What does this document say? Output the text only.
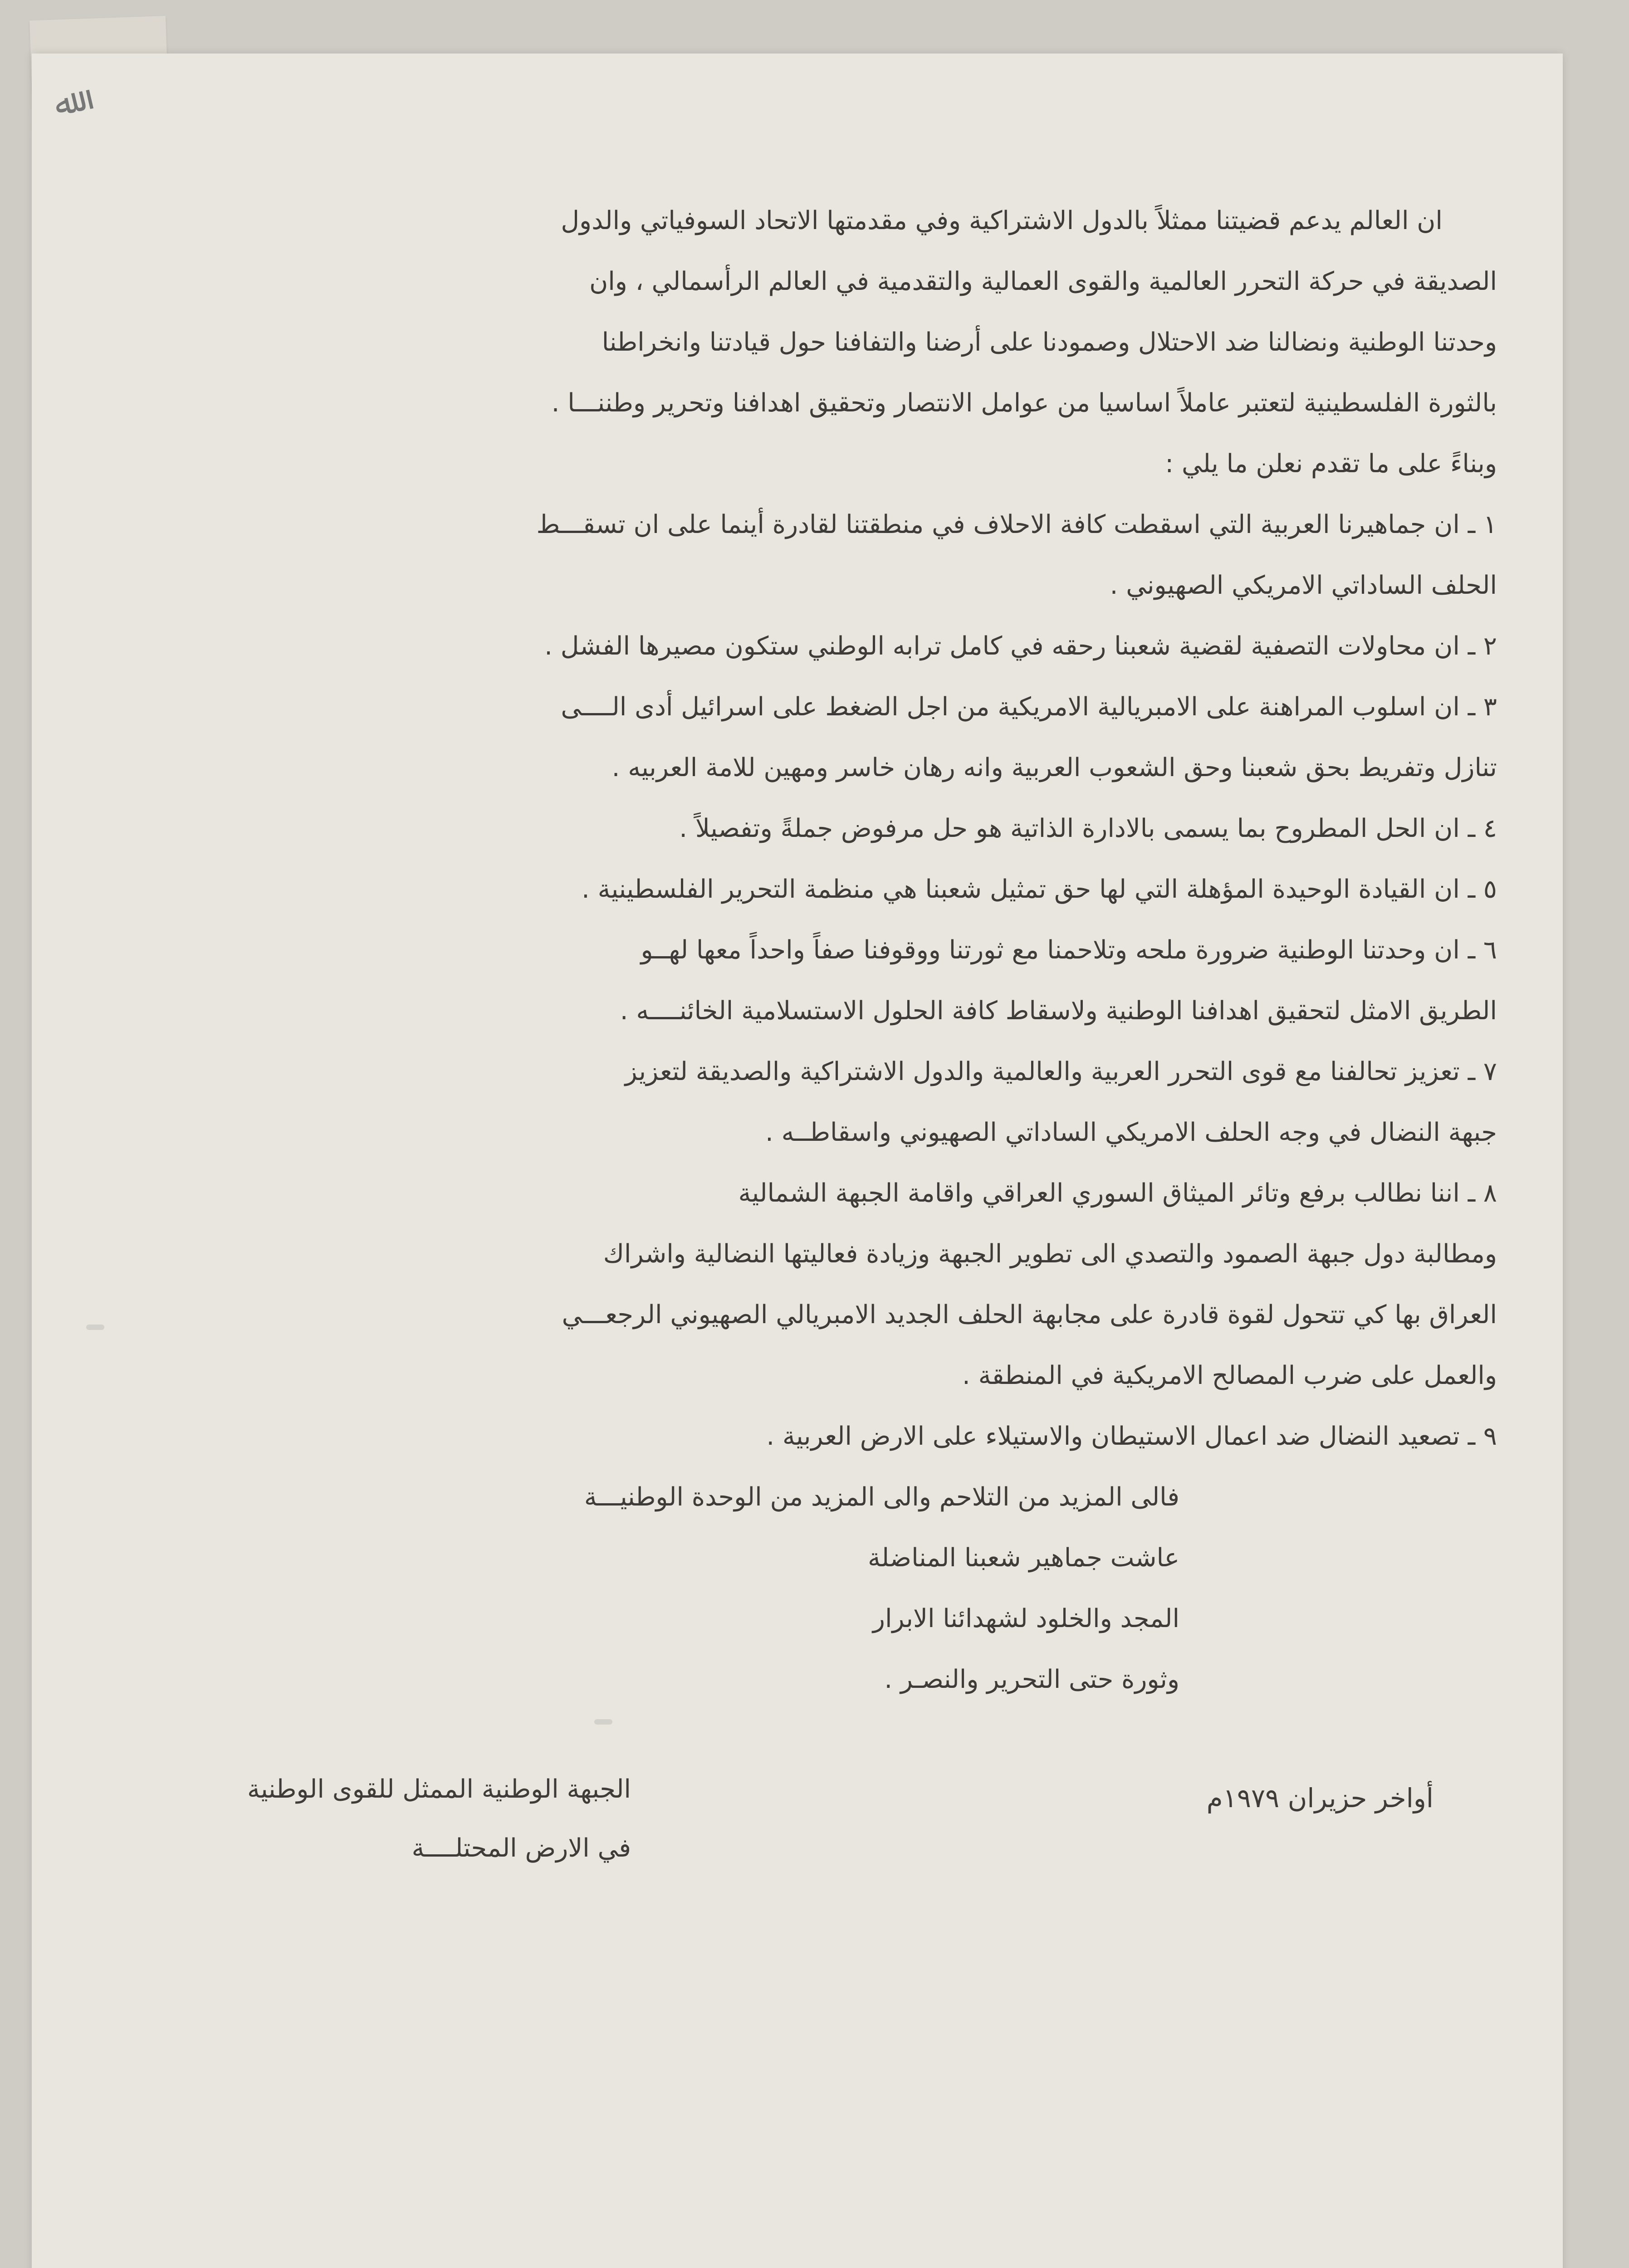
ﷲ
ان العالم يدعم قضيتنا ممثلاً بالدول الاشتراكية وفي مقدمتها الاتحاد السوفياتي والدول
الصديقة في حركة التحرر العالمية والقوى العمالية والتقدمية في العالم الرأسمالي ، وان
وحدتنا الوطنية ونضالنا ضد الاحتلال وصمودنا على أرضنا والتفافنا حول قيادتنا وانخراطنا
بالثورة الفلسطينية لتعتبر عاملاً اساسيا من عوامل الانتصار وتحقيق اهدافنا وتحرير وطننـــا .
وبناءً على ما تقدم نعلن ما يلي :
١ ـ ان جماهيرنا العربية التي اسقطت كافة الاحلاف في منطقتنا لقادرة أينما على ان تسقـــط
الحلف الساداتي الامريكي الصهيوني .
٢ ـ ان محاولات التصفية لقضية شعبنا رحقه في كامل ترابه الوطني ستكون مصيرها الفشل .
٣ ـ ان اسلوب المراهنة على الامبريالية الامريكية من اجل الضغط على اسرائيل أدى الــــى
تنازل وتفريط بحق شعبنا وحق الشعوب العربية وانه رهان خاسر ومهين للامة العربيه .
٤ ـ ان الحل المطروح بما يسمى بالادارة الذاتية هو حل مرفوض جملةً وتفصيلاً .
٥ ـ ان القيادة الوحيدة المؤهلة التي لها حق تمثيل شعبنا هي منظمة التحرير الفلسطينية .
٦ ـ ان وحدتنا الوطنية ضرورة ملحه وتلاحمنا مع ثورتنا ووقوفنا صفاً واحداً معها لهــو
الطريق الامثل لتحقيق اهدافنا الوطنية ولاسقاط كافة الحلول الاستسلامية الخائنــــه .
٧ ـ تعزيز تحالفنا مع قوى التحرر العربية والعالمية والدول الاشتراكية والصديقة لتعزيز
جبهة النضال في وجه الحلف الامريكي الساداتي الصهيوني واسقاطــه .
٨ ـ اننا نطالب برفع وتائر الميثاق السوري العراقي واقامة الجبهة الشمالية
ومطالبة دول جبهة الصمود والتصدي الى تطوير الجبهة وزيادة فعاليتها النضالية واشراك
العراق بها كي تتحول لقوة قادرة على مجابهة الحلف الجديد الامبريالي الصهيوني الرجعـــي
والعمل على ضرب المصالح الامريكية في المنطقة .
٩ ـ تصعيد النضال ضد اعمال الاستيطان والاستيلاء على الارض العربية .
فالى المزيد من التلاحم والى المزيد من الوحدة الوطنيـــة
عاشت جماهير شعبنا المناضلة
المجد والخلود لشهدائنا الابرار
وثورة حتى التحرير والنصـر .
الجبهة الوطنية الممثل للقوى الوطنية
في الارض المحتلــــة
أواخر حزيران ١٩٧٩م
